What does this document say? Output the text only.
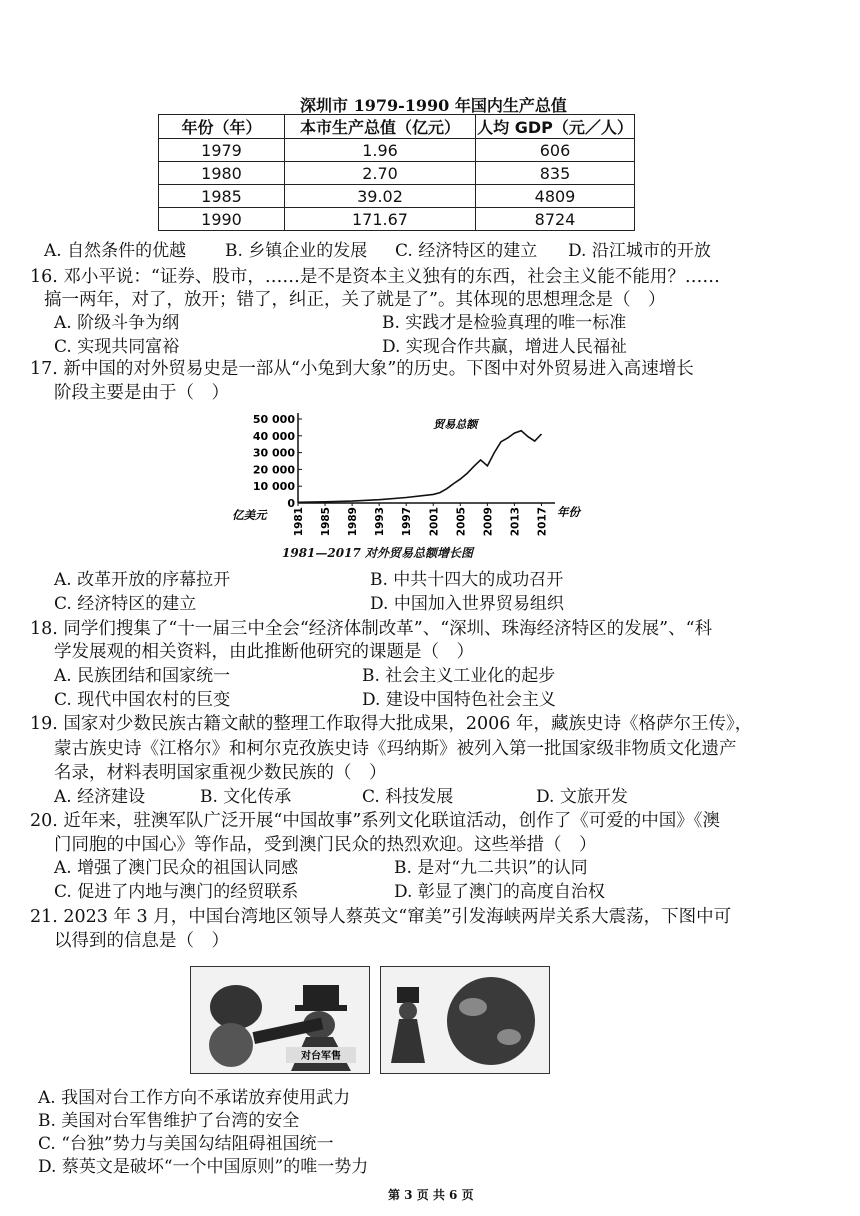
深圳市 1979-1990 年国内生产总值
年份（年）	本市生产总值（亿元）	人均 GDP（元／人）
1979	1.96	606
1980	2.70	835
1985	39.02	4809
1990	171.67	8724
A. 自然条件的优越 B. 乡镇企业的发展 C. 经济特区的建立 D. 沿江城市的开放
16. 邓小平说：“证券、股市，……是不是资本主义独有的东西，社会主义能不能用？……
搞一两年，对了，放开；错了，纠正，关了就是了”。其体现的思想理念是（　）
A. 阶级斗争为纲	B. 实践才是检验真理的唯一标准
C. 实现共同富裕	D. 实现合作共赢，增进人民福祉
17. 新中国的对外贸易史是一部从“小兔到大象”的历史。下图中对外贸易进入高速增长
阶段主要是由于（　）
50 000
40 000
30 000
20 000
10 000
0
1981 1985 1989 1993 1997 2001 2005 2009 2013 2017
亿美元	年份
贸易总额
1981—2017 对外贸易总额增长图
A. 改革开放的序幕拉开	B. 中共十四大的成功召开
C. 经济特区的建立	D. 中国加入世界贸易组织
18. 同学们搜集了“十一届三中全会“经济体制改革”、“深圳、珠海经济特区的发展”、“科
学发展观的相关资料，由此推断他研究的课题是（　）
A. 民族团结和国家统一	B. 社会主义工业化的起步
C. 现代中国农村的巨变	D. 建设中国特色社会主义
19. 国家对少数民族古籍文献的整理工作取得大批成果，2006 年，藏族史诗《格萨尔王传》，
蒙古族史诗《江格尔》和柯尔克孜族史诗《玛纳斯》被列入第一批国家级非物质文化遗产
名录，材料表明国家重视少数民族的（　）
A. 经济建设	B. 文化传承	C. 科技发展	D. 文旅开发
20. 近年来，驻澳军队广泛开展“中国故事”系列文化联谊活动，创作了《可爱的中国》《澳
门同胞的中国心》等作品，受到澳门民众的热烈欢迎。这些举措（　）
A. 增强了澳门民众的祖国认同感	B. 是对“九二共识”的认同
C. 促进了内地与澳门的经贸联系	D. 彰显了澳门的高度自治权
21. 2023 年 3 月，中国台湾地区领导人蔡英文“窜美”引发海峡两岸关系大震荡，下图中可
以得到的信息是（　）
对台军售
A. 我国对台工作方向不承诺放弃使用武力
B. 美国对台军售维护了台湾的安全
C. “台独”势力与美国勾结阻碍祖国统一
D. 蔡英文是破坏“一个中国原则”的唯一势力
第 3 页 共 6 页
